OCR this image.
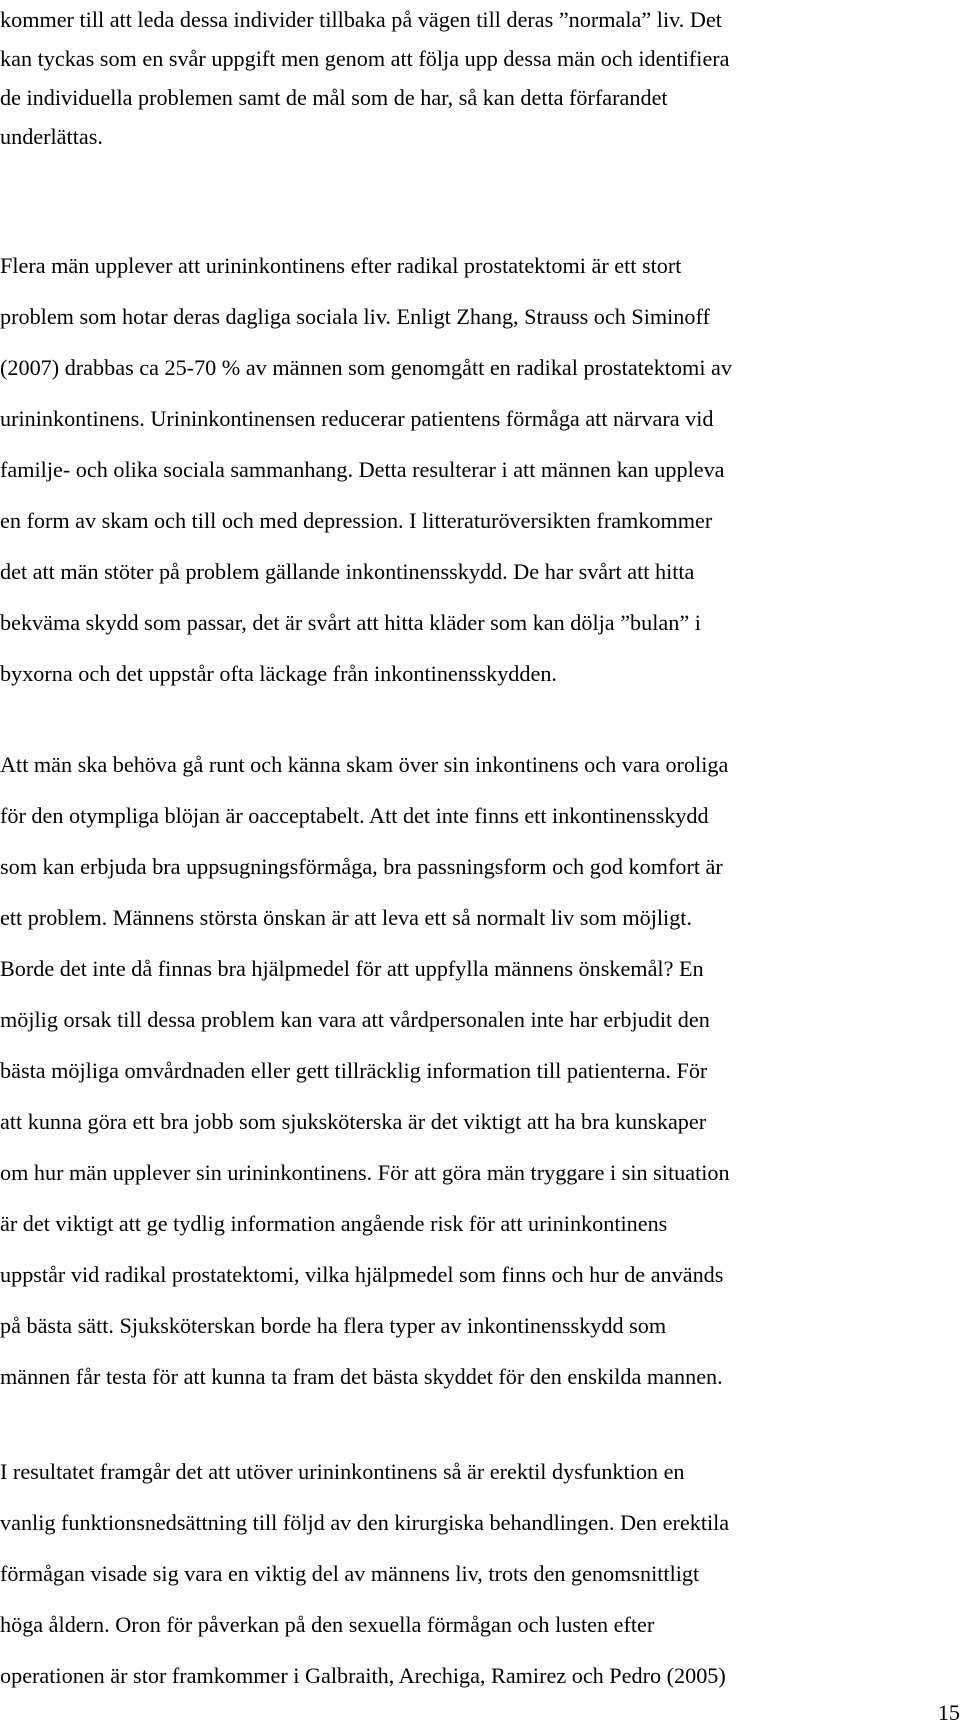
kommer till att leda dessa individer tillbaka på vägen till deras ”normala” liv. Det

kan tyckas som en svår uppgift men genom att följa upp dessa män och identifiera

de individuella problemen samt de mål som de har, så kan detta förfarandet

underlättas.

Flera män upplever att urininkontinens efter radikal prostatektomi är ett stort

problem som hotar deras dagliga sociala liv. Enligt Zhang, Strauss och Siminoff

(2007) drabbas ca 25-70 % av männen som genomgått en radikal prostatektomi av

urininkontinens. Urininkontinensen reducerar patientens förmåga att närvara vid

familje- och olika sociala sammanhang. Detta resulterar i att männen kan uppleva

en form av skam och till och med depression. I litteraturöversikten framkommer

det att män stöter på problem gällande inkontinensskydd. De har svårt att hitta

bekväma skydd som passar, det är svårt att hitta kläder som kan dölja ”bulan” i

byxorna och det uppstår ofta läckage från inkontinensskydden.

Att män ska behöva gå runt och känna skam över sin inkontinens och vara oroliga

för den otympliga blöjan är oacceptabelt. Att det inte finns ett inkontinensskydd

som kan erbjuda bra uppsugningsförmåga, bra passningsform och god komfort är

ett problem. Männens största önskan är att leva ett så normalt liv som möjligt.

Borde det inte då finnas bra hjälpmedel för att uppfylla männens önskemål? En

möjlig orsak till dessa problem kan vara att vårdpersonalen inte har erbjudit den

bästa möjliga omvårdnaden eller gett tillräcklig information till patienterna. För

att kunna göra ett bra jobb som sjuksköterska är det viktigt att ha bra kunskaper

om hur män upplever sin urininkontinens. För att göra män tryggare i sin situation

är det viktigt att ge tydlig information angående risk för att urininkontinens

uppstår vid radikal prostatektomi, vilka hjälpmedel som finns och hur de används

på bästa sätt. Sjuksköterskan borde ha flera typer av inkontinensskydd som

männen får testa för att kunna ta fram det bästa skyddet för den enskilda mannen.

I resultatet framgår det att utöver urininkontinens så är erektil dysfunktion en

vanlig funktionsnedsättning till följd av den kirurgiska behandlingen. Den erektila

förmågan visade sig vara en viktig del av männens liv, trots den genomsnittligt

höga åldern. Oron för påverkan på den sexuella förmågan och lusten efter

operationen är stor framkommer i Galbraith, Arechiga, Ramirez och Pedro (2005)

15
